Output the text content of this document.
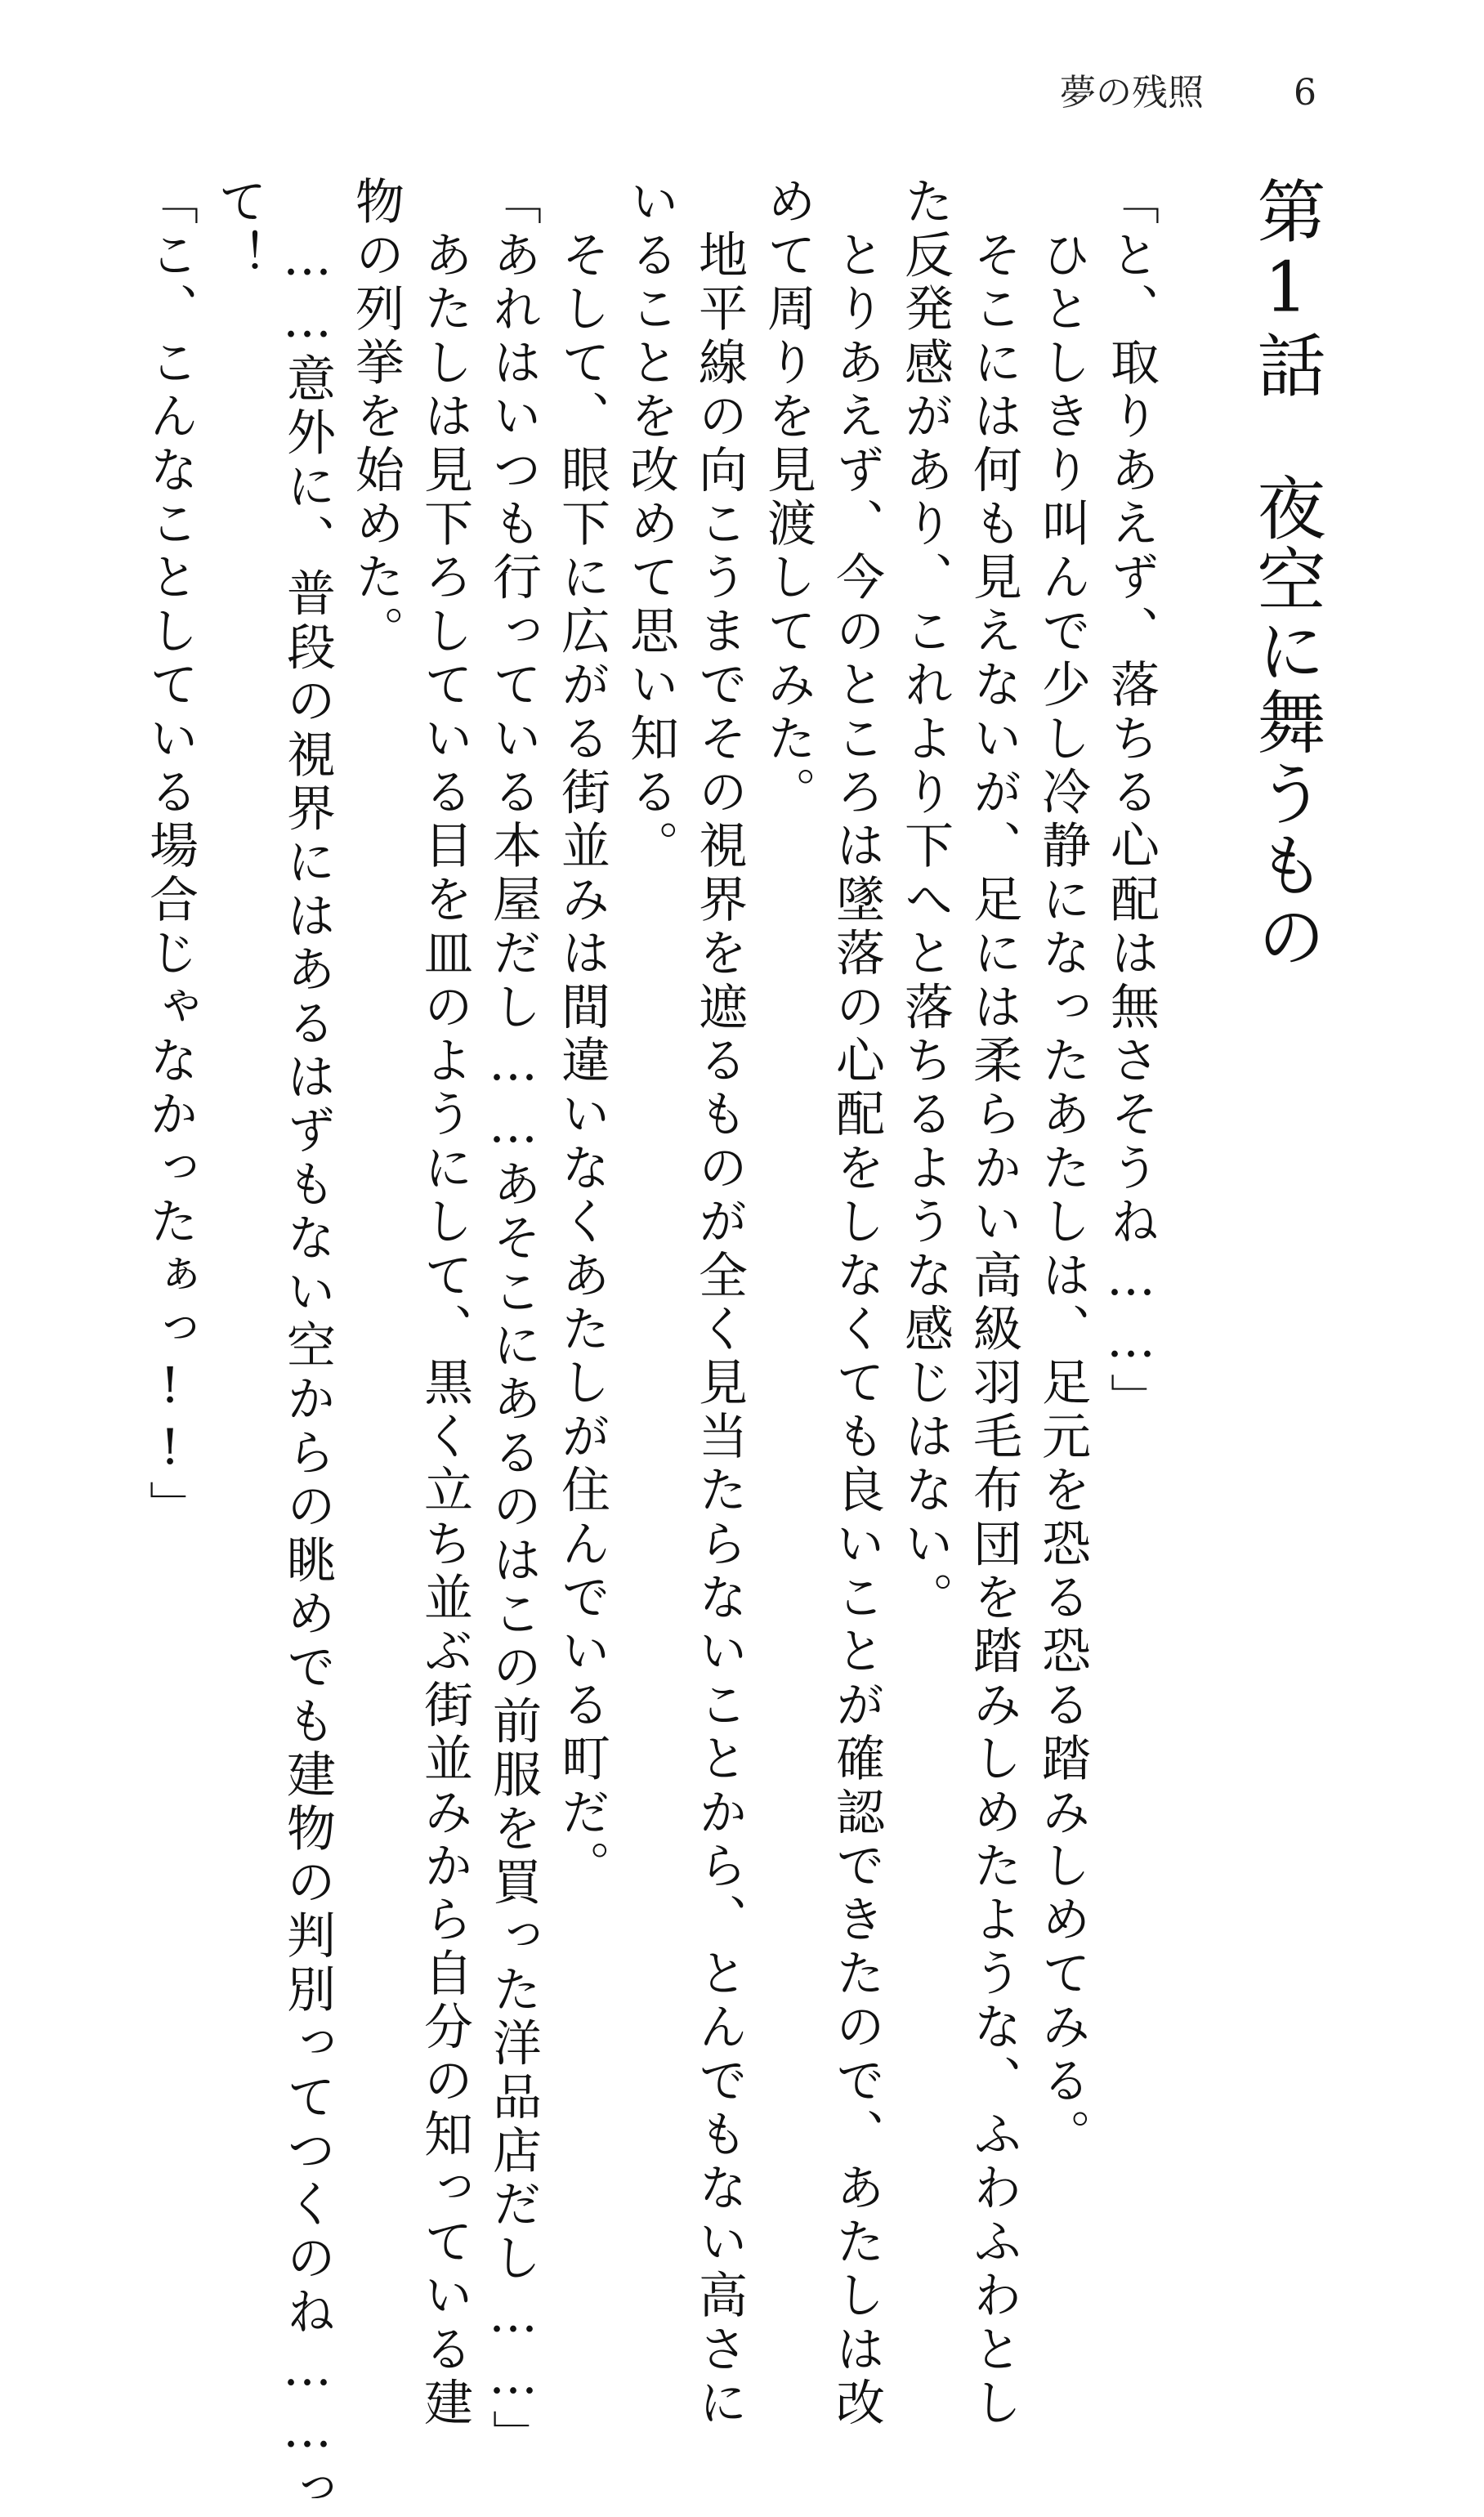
夢の残照	6
第1話　夜空に舞うもの
「と、取りあえず、落ちる心配は無さそうね……」
　ひとしきり叫んで少し冷静になったあたしは、足元を恐る恐る踏みしめてみる。
　そこには何も見えないが、足には柔らかい高級羽毛布団を踏みしめたような、ふわふわとし
た反発感があり、これより下へと落ちるような感じはない。
　とりあえず、今のところは墜落の心配をしなくても良いことが確認できたので、あたしは改
めて周りを見渡してみた。
　地平線の向こうまでその視界を遮るものが全く見当たらないことから、とんでもない高さに
いることを改めて思い知る。
　そして、眼下に広がる街並みは間違いなくあたしが住んでいる町だ。
「あれはいつも行っている本屋だし……あそこにあるのはこの前服を買った洋品店だし……」
　あたしは見下ろしている目を皿のようにして、黒く立ち並ぶ街並みから自分の知っている建
物の列挙を始めた。
　……意外に、普段の視界にはあるはずもない空からの眺めでも建物の判別ってつくのね……っ
て！
「こ、こんなことしている場合じゃなかったぁっ!!」
